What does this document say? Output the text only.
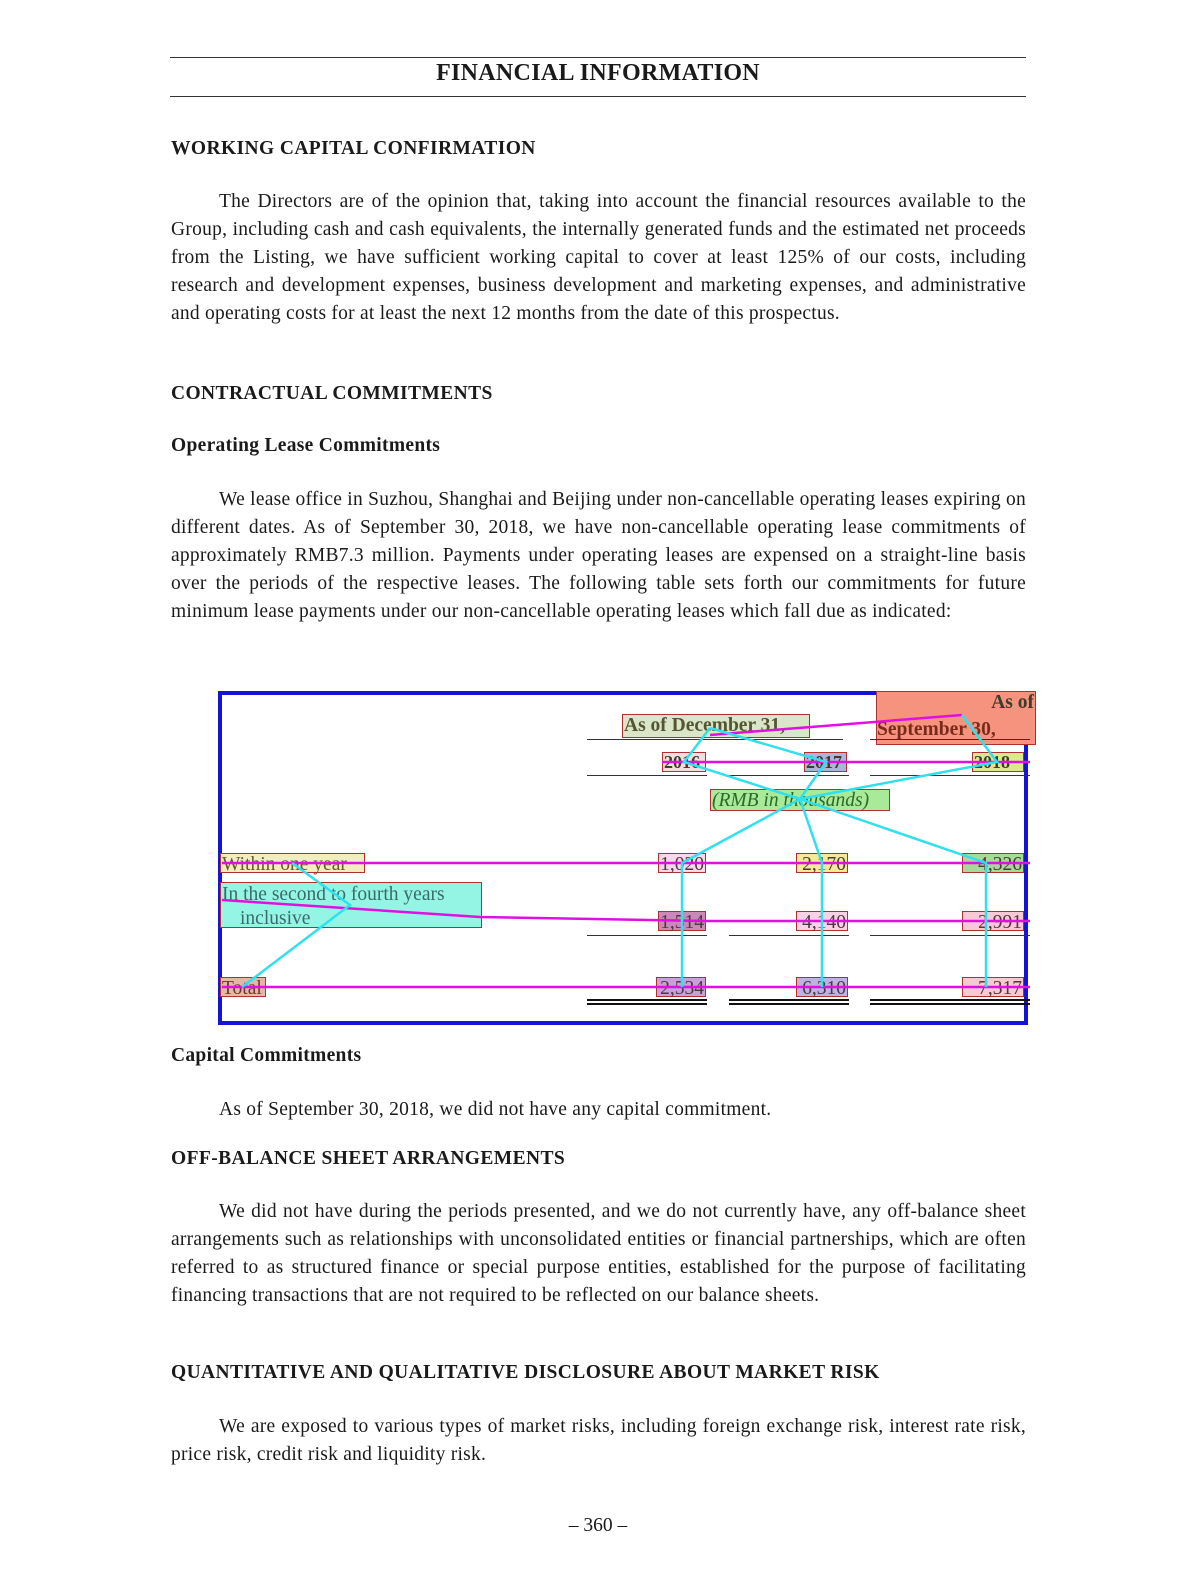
FINANCIAL INFORMATION
WORKING CAPITAL CONFIRMATION
The Directors are of the opinion that, taking into account the financial resources available to the Group, including cash and cash equivalents, the internally generated funds and the estimated net proceeds from the Listing, we have sufficient working capital to cover at least 125% of our costs, including research and development expenses, business development and marketing expenses, and administrative and operating costs for at least the next 12 months from the date of this prospectus.
CONTRACTUAL COMMITMENTS
Operating Lease Commitments
We lease office in Suzhou, Shanghai and Beijing under non-cancellable operating leases expiring on different dates. As of September 30, 2018, we have non-cancellable operating lease commitments of approximately RMB7.3 million. Payments under operating leases are expensed on a straight-line basis over the periods of the respective leases. The following table sets forth our commitments for future minimum lease payments under our non-cancellable operating leases which fall due as indicated:
As of
September 30,
As of December 31,
2016	2017	2018
(RMB in thousands)
Within one year	1,020	2,170	4,326
In the second to fourth years
inclusive	1,514	4,140	2,991
Total	2,534	6,310	7,317
Capital Commitments
As of September 30, 2018, we did not have any capital commitment.
OFF-BALANCE SHEET ARRANGEMENTS
We did not have during the periods presented, and we do not currently have, any off-balance sheet arrangements such as relationships with unconsolidated entities or financial partnerships, which are often referred to as structured finance or special purpose entities, established for the purpose of facilitating financing transactions that are not required to be reflected on our balance sheets.
QUANTITATIVE AND QUALITATIVE DISCLOSURE ABOUT MARKET RISK
We are exposed to various types of market risks, including foreign exchange risk, interest rate risk, price risk, credit risk and liquidity risk.
– 360 –
